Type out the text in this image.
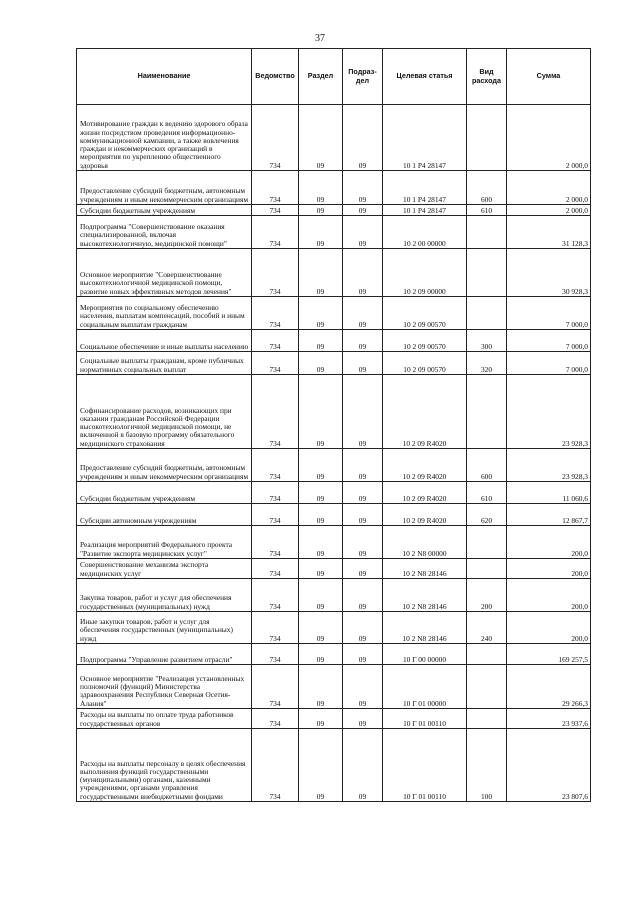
37
Наименование	Ведомство	Раздел	Подраз-дел	Целевая статья	Вид расхода	Сумма
Мотивирование граждан к ведению здорового образа жизни посредством проведения информационно-коммуникационной кампании, а также вовлечения граждан и некоммерческих организаций в мероприятия по укреплению общественного здоровья	734	09	09	10 1 P4 28147		2 000,0
Предоставление субсидий бюджетным, автономным учреждениям и иным некоммерческим организациям	734	09	09	10 1 P4 28147	600	2 000,0
Субсидии бюджетным учреждениям	734	09	09	10 1 P4 28147	610	2 000,0
Подпрограмма "Совершенствование оказания специализированной, включая высокотехнологичную, медицинской помощи"	734	09	09	10 2 00 00000		31 128,3
Основное мероприятие "Совершенствование высокотехнологичной медицинской помощи, развитие новых эффективных методов лечения"	734	09	09	10 2 09 00000		30 928,3
Мероприятия по социальному обеспечению населения, выплатам компенсаций, пособий и иным социальным выплатам гражданам	734	09	09	10 2 09 00570		7 000,0
Социальное обеспечение и иные выплаты населению	734	09	09	10 2 09 00570	300	7 000,0
Социальные выплаты гражданам, кроме публичных нормативных социальных выплат	734	09	09	10 2 09 00570	320	7 000,0
Софинансирование расходов, возникающих при оказании гражданам Российской Федерации высокотехнологичной медицинской помощи, не включенной в базовую программу обязательного медицинского страхования	734	09	09	10 2 09 R4020		23 928,3
Предоставление субсидий бюджетным, автономным учреждениям и иным некоммерческим организациям	734	09	09	10 2 09 R4020	600	23 928,3
Субсидии бюджетным учреждениям	734	09	09	10 2 09 R4020	610	11 060,6
Субсидии автономным учреждениям	734	09	09	10 2 09 R4020	620	12 867,7
Реализация мероприятий Федерального проекта "Развитие экспорта медицинских услуг"	734	09	09	10 2 N8 00000		200,0
Совершенствование механизма экспорта медицинских услуг	734	09	09	10 2 N8 28146		200,0
Закупка товаров, работ и услуг для обеспечения государственных (муниципальных) нужд	734	09	09	10 2 N8 28146	200	200,0
Иные закупки товаров, работ и услуг для обеспечения государственных (муниципальных) нужд	734	09	09	10 2 N8 28146	240	200,0
Подпрограмма "Управление развитием отрасли"	734	09	09	10 Г 00 00000		169 257,5
Основное мероприятие "Реализация установленных полномочий (функций) Министерства здравоохранения Республики Северная Осетия-Алания"	734	09	09	10 Г 01 00000		29 266,3
Расходы на выплаты по оплате труда работников государственных органов	734	09	09	10 Г 01 00110		23 937,6
Расходы на выплаты персоналу в целях обеспечения выполнения функций государственными (муниципальными) органами, казенными учреждениями, органами управления государственными внебюджетными фондами	734	09	09	10 Г 01 00110	100	23 807,6
